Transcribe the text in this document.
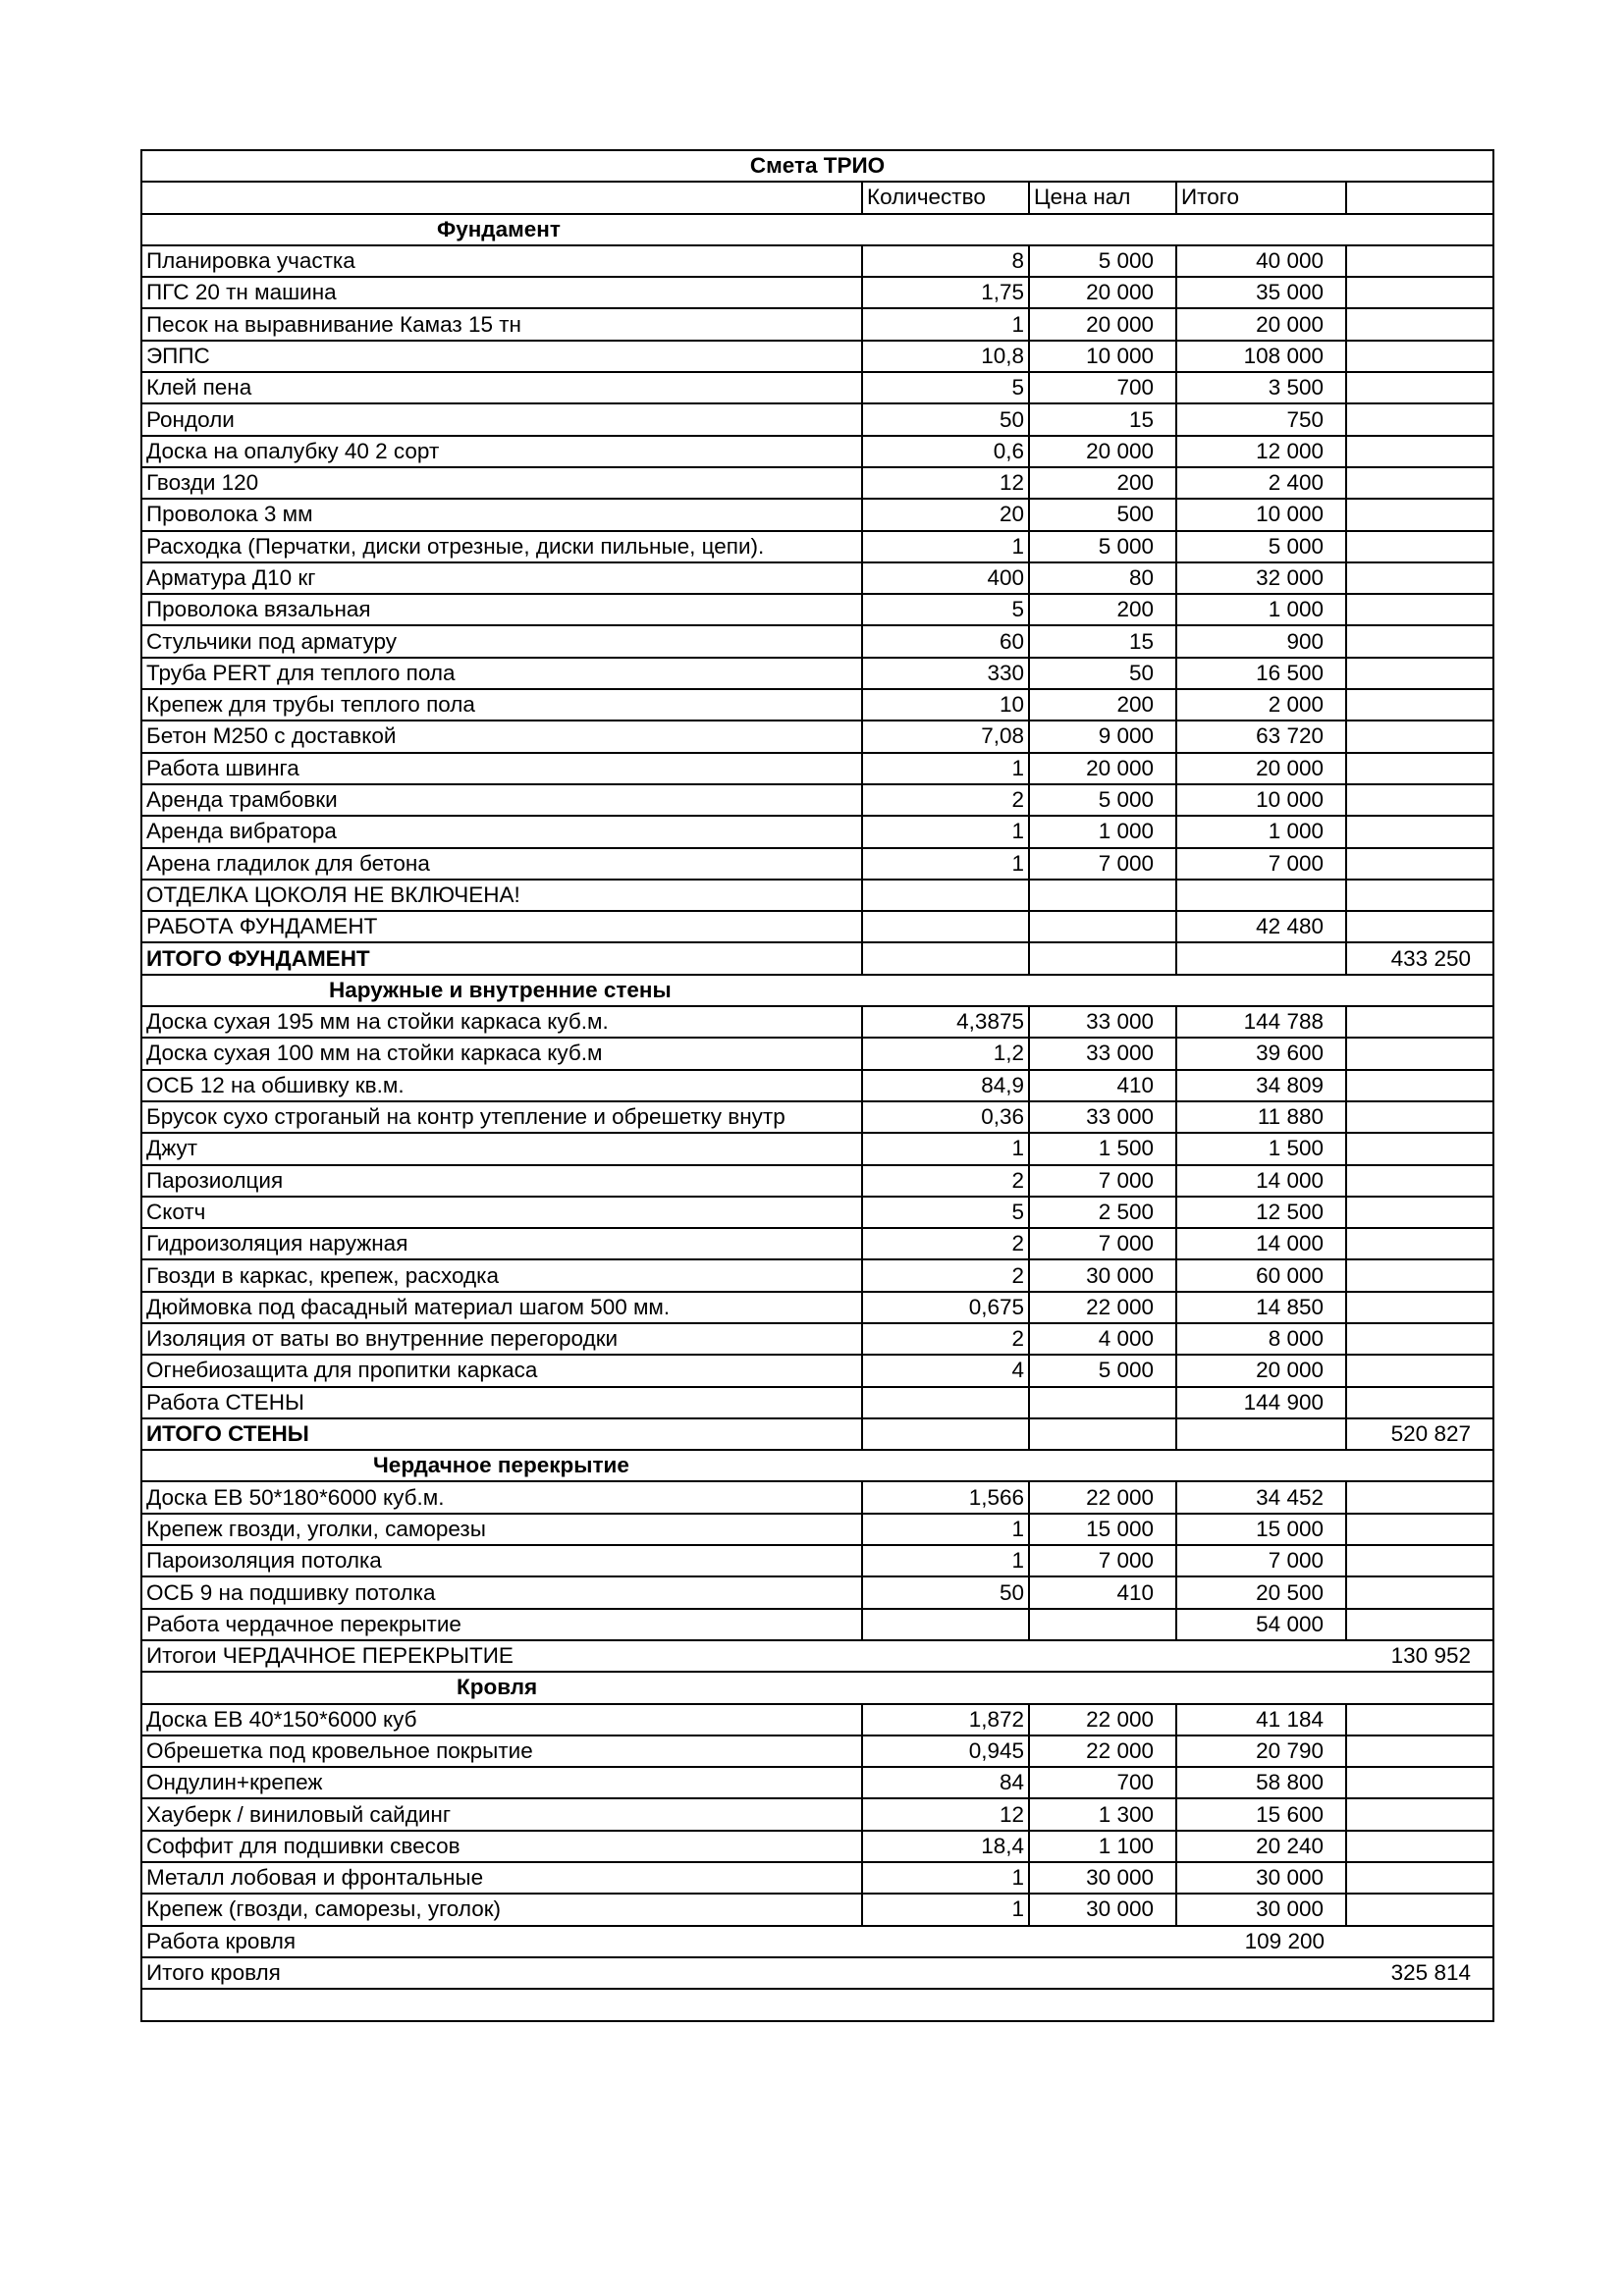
Смета ТРИО				
	Количество	Цена нал	Итого	
Фундамент				
Планировка участка	8	5 000	40 000	
ПГС 20 тн машина	1,75	20 000	35 000	
Песок на выравнивание Камаз 15 тн	1	20 000	20 000	
ЭППС	10,8	10 000	108 000	
Клей пена	5	700	3 500	
Рондоли	50	15	750	
Доска на опалубку 40 2 сорт	0,6	20 000	12 000	
Гвозди 120	12	200	2 400	
Проволока 3 мм	20	500	10 000	
Расходка (Перчатки, диски отрезные, диски пильные, цепи).	1	5 000	5 000	
Арматура Д10 кг	400	80	32 000	
Проволока вязальная	5	200	1 000	
Стульчики под арматуру	60	15	900	
Труба PERT для теплого пола	330	50	16 500	
Крепеж для трубы теплого пола	10	200	2 000	
Бетон М250 с доставкой	7,08	9 000	63 720	
Работа швинга	1	20 000	20 000	
Аренда трамбовки	2	5 000	10 000	
Аренда вибратора	1	1 000	1 000	
Арена гладилок для бетона	1	7 000	7 000	
ОТДЕЛКА ЦОКОЛЯ НЕ ВКЛЮЧЕНА!				
РАБОТА ФУНДАМЕНТ			42 480	
ИТОГО ФУНДАМЕНТ				433 250
Наружные и внутренние стены				
Доска сухая 195 мм на стойки каркаса куб.м.	4,3875	33 000	144 788	
Доска сухая 100 мм на стойки каркаса куб.м	1,2	33 000	39 600	
ОСБ 12 на обшивку кв.м.	84,9	410	34 809	
Брусок сухо строганый на контр утепление и обрешетку внутр	0,36	33 000	11 880	
Джут	1	1 500	1 500	
Парозиолция	2	7 000	14 000	
Скотч	5	2 500	12 500	
Гидроизоляция наружная	2	7 000	14 000	
Гвозди в каркас, крепеж, расходка	2	30 000	60 000	
Дюймовка под фасадный материал шагом 500 мм.	0,675	22 000	14 850	
Изоляция от ваты во внутренние перегородки	2	4 000	8 000	
Огнебиозащита для пропитки каркаса	4	5 000	20 000	
Работа СТЕНЫ			144 900	
ИТОГО СТЕНЫ				520 827
Чердачное перекрытие				
Доска ЕВ 50*180*6000 куб.м.	1,566	22 000	34 452	
Крепеж гвозди, уголки, саморезы	1	15 000	15 000	
Пароизоляция потолка	1	7 000	7 000	
ОСБ 9 на подшивку потолка	50	410	20 500	
Работа чердачное перекрытие			54 000	
Итогои ЧЕРДАЧНОЕ ПЕРЕКРЫТИЕ				130 952
Кровля				
Доска ЕВ 40*150*6000 куб	1,872	22 000	41 184	
Обрешетка под кровельное покрытие	0,945	22 000	20 790	
Ондулин+крепеж	84	700	58 800	
Хауберк / виниловый сайдинг	12	1 300	15 600	
Соффит для подшивки свесов	18,4	1 100	20 240	
Металл лобовая и фронтальные	1	30 000	30 000	
Крепеж (гвозди, саморезы, уголок)	1	30 000	30 000	
Работа кровля			109 200	
Итого кровля				325 814
